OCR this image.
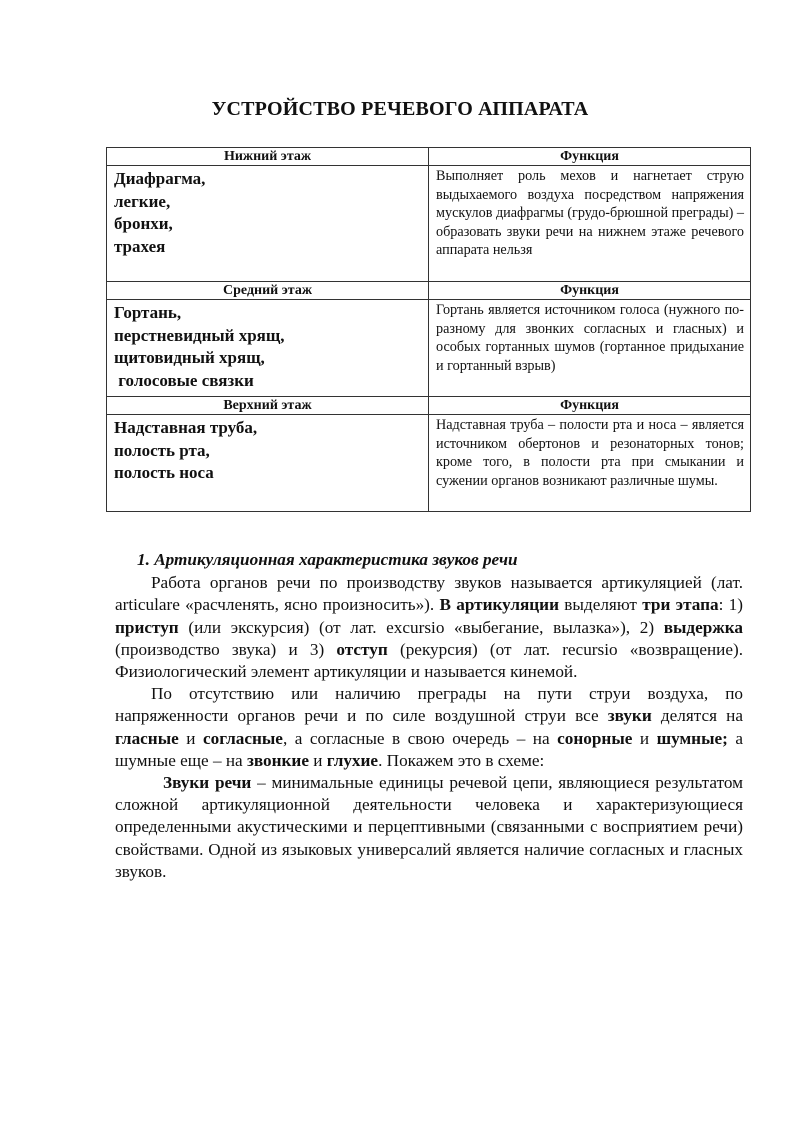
УСТРОЙСТВО РЕЧЕВОГО АППАРАТА
Нижний этаж	Функция

Диафрагма,
легкие,
бронхи,
трахея	Выполняет роль мехов и нагнетает струю выдыхаемого воздуха посредством напряжения мускулов диафрагмы (грудо-брюшной преграды) – образовать звуки речи на нижнем этаже речевого аппарата нельзя
Средний этаж	Функция

Гортань,
перстневидный хрящ,
щитовидный хрящ,
голосовые связки	Гортань является источником голоса (нужного по-разному для звонких согласных и гласных) и особых гортанных шумов (гортанное придыхание и гортанный взрыв)
Верхний этаж	Функция

Надставная труба,
полость рта,
полость носа	Надставная труба – полости рта и носа – является источником обертонов и резонаторных тонов; кроме того, в полости рта при смыкании и сужении органов возникают различные шумы.
1. Артикуляционная характеристика звуков речи

Работа органов речи по производству звуков называется артикуляцией (лат. articulare «расчленять, ясно произносить»). В артикуляции выделяют три этапа: 1) приступ (или экскурсия) (от лат. excursio «выбегание, вылазка»), 2) выдержка (производство звука) и 3) отступ (рекурсия) (от лат. recursio «возвращение). Физиологический элемент артикуляции и называется кинемой.

По отсутствию или наличию преграды на пути струи воздуха, по напряженности органов речи и по силе воздушной струи все звуки делятся на гласные и согласные, а согласные в свою очередь – на сонорные и шумные; а шумные еще – на звонкие и глухие. Покажем это в схеме:

Звуки речи – минимальные единицы речевой цепи, являющиеся результатом сложной артикуляционной деятельности человека и характеризующиеся определенными акустическими и перцептивными (связанными с восприятием речи) свойствами. Одной из языковых универсалий является наличие согласных и гласных звуков.
